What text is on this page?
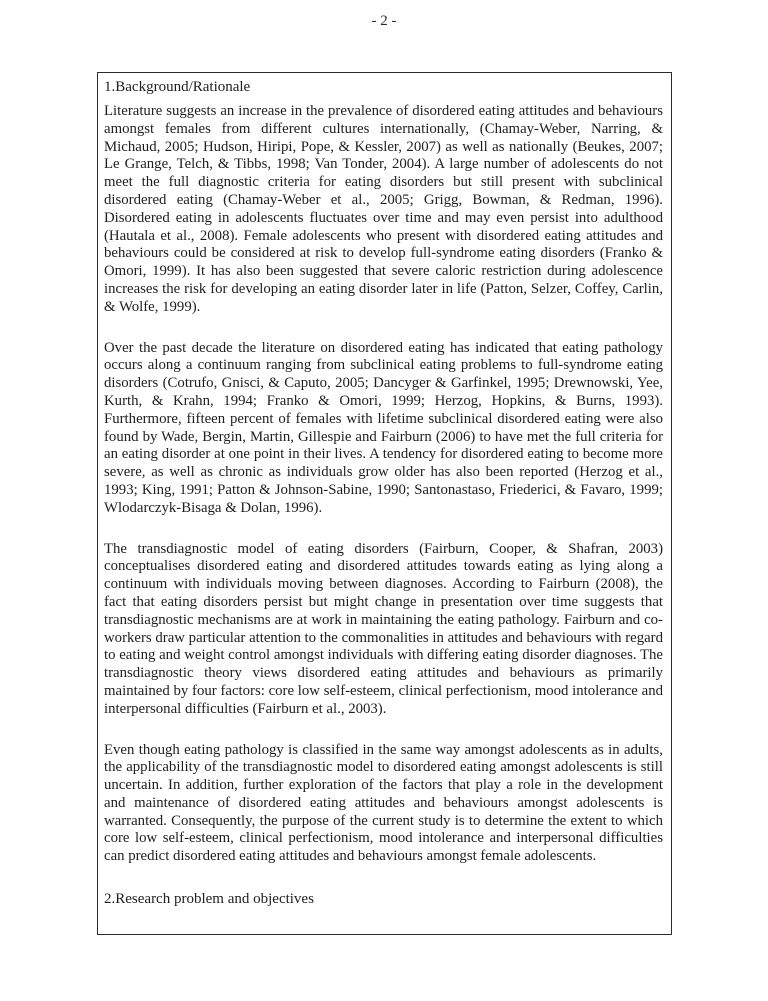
- 2 -
1.Background/Rationale

Literature suggests an increase in the prevalence of disordered eating attitudes and behaviours amongst females from different cultures internationally, (Chamay-Weber, Narring, & Michaud, 2005; Hudson, Hiripi, Pope, & Kessler, 2007) as well as nationally (Beukes, 2007; Le Grange, Telch, & Tibbs, 1998; Van Tonder, 2004). A large number of adolescents do not meet the full diagnostic criteria for eating disorders but still present with subclinical disordered eating (Chamay-Weber et al., 2005; Grigg, Bowman, & Redman, 1996). Disordered eating in adolescents fluctuates over time and may even persist into adulthood (Hautala et al., 2008). Female adolescents who present with disordered eating attitudes and behaviours could be considered at risk to develop full-syndrome eating disorders (Franko & Omori, 1999). It has also been suggested that severe caloric restriction during adolescence increases the risk for developing an eating disorder later in life (Patton, Selzer, Coffey, Carlin, & Wolfe, 1999).

Over the past decade the literature on disordered eating has indicated that eating pathology occurs along a continuum ranging from subclinical eating problems to full-syndrome eating disorders (Cotrufo, Gnisci, & Caputo, 2005; Dancyger & Garfinkel, 1995; Drewnowski, Yee, Kurth, & Krahn, 1994; Franko & Omori, 1999; Herzog, Hopkins, & Burns, 1993). Furthermore, fifteen percent of females with lifetime subclinical disordered eating were also found by Wade, Bergin, Martin, Gillespie and Fairburn (2006) to have met the full criteria for an eating disorder at one point in their lives. A tendency for disordered eating to become more severe, as well as chronic as individuals grow older has also been reported (Herzog et al., 1993; King, 1991; Patton & Johnson-Sabine, 1990; Santonastaso, Friederici, & Favaro, 1999; Wlodarczyk-Bisaga & Dolan, 1996).

The transdiagnostic model of eating disorders (Fairburn, Cooper, & Shafran, 2003) conceptualises disordered eating and disordered attitudes towards eating as lying along a continuum with individuals moving between diagnoses. According to Fairburn (2008), the fact that eating disorders persist but might change in presentation over time suggests that transdiagnostic mechanisms are at work in maintaining the eating pathology. Fairburn and co-workers draw particular attention to the commonalities in attitudes and behaviours with regard to eating and weight control amongst individuals with differing eating disorder diagnoses. The transdiagnostic theory views disordered eating attitudes and behaviours as primarily maintained by four factors: core low self-esteem, clinical perfectionism, mood intolerance and interpersonal difficulties (Fairburn et al., 2003).

Even though eating pathology is classified in the same way amongst adolescents as in adults, the applicability of the transdiagnostic model to disordered eating amongst adolescents is still uncertain. In addition, further exploration of the factors that play a role in the development and maintenance of disordered eating attitudes and behaviours amongst adolescents is warranted. Consequently, the purpose of the current study is to determine the extent to which core low self-esteem, clinical perfectionism, mood intolerance and interpersonal difficulties can predict disordered eating attitudes and behaviours amongst female adolescents.

2.Research problem and objectives
